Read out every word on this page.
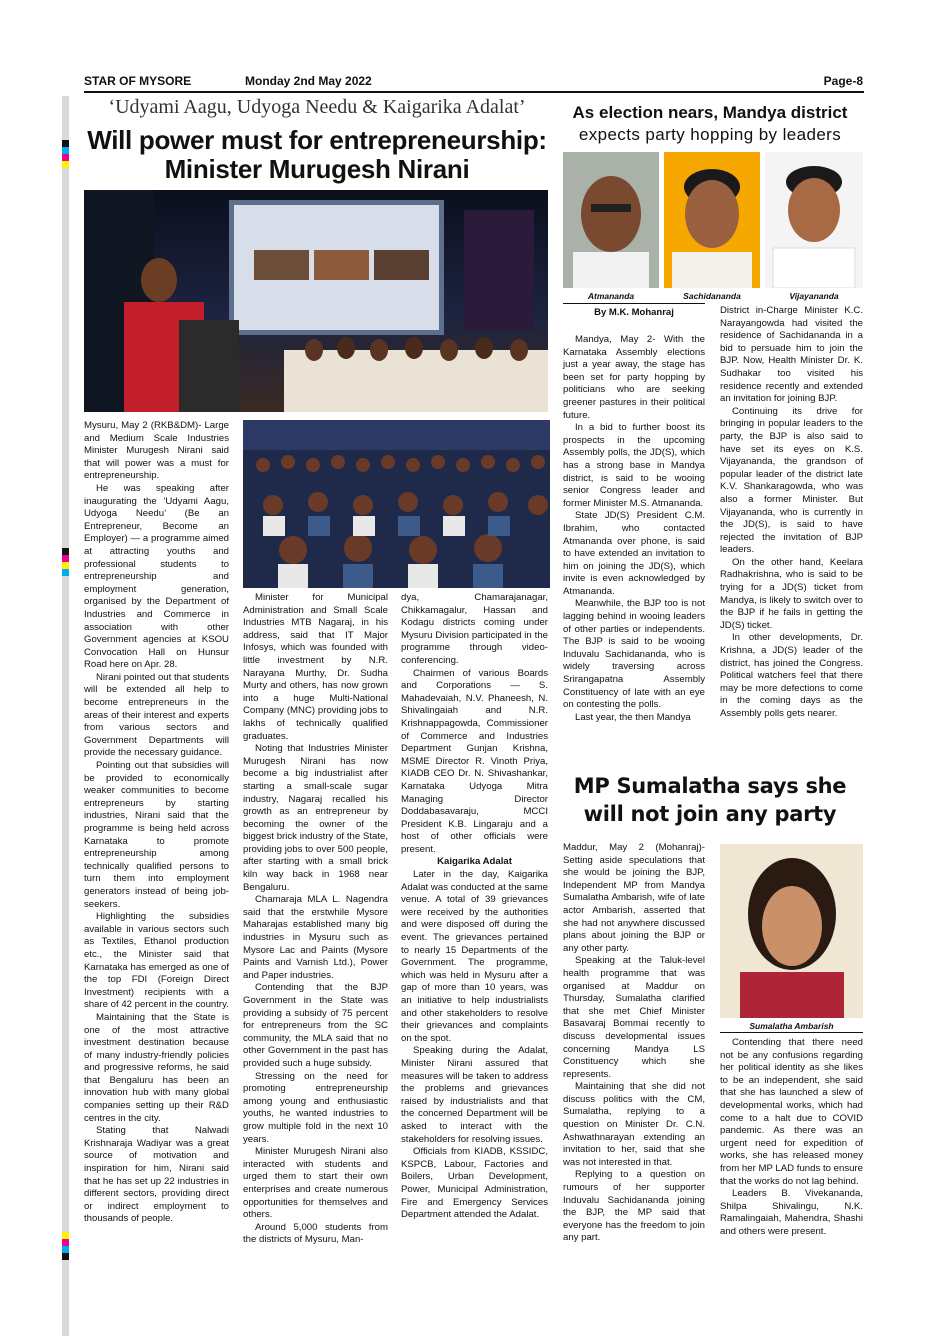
STAR OF MYSORE	Monday 2nd May 2022	Page-8
‘Udyami Aagu, Udyoga Needu & Kaigarika Adalat’
Will power must for entrepreneurship:
Minister Murugesh Nirani

Mysuru, May 2 (RKB&DM)- Large and Medium Scale Industries Minister Murugesh Nirani said that will power was a must for entrepreneurship.

He was speaking after inaugurating the ‘Udyami Aagu, Udyoga Needu’ (Be an Entrepreneur, Become an Employer) — a programme aimed at attracting youths and professional students to entrepreneurship and employment generation, organised by the Department of Industries and Commerce in association with other Government agencies at KSOU Convocation Hall on Hunsur Road here on Apr. 28.

Nirani pointed out that students will be extended all help to become entrepreneurs in the areas of their interest and experts from various sectors and Government Departments will provide the necessary guidance.

Pointing out that subsidies will be provided to economically weaker communities to become entrepreneurs by starting industries, Nirani said that the programme is being held across Karnataka to promote entrepreneurship among technically qualified persons to turn them into employment generators instead of being job-seekers.

Highlighting the subsidies available in various sectors such as Textiles, Ethanol production etc., the Minister said that Karnataka has emerged as one of the top FDI (Foreign Direct Investment) recipients with a share of 42 percent in the country.

Maintaining that the State is one of the most attractive investment destination because of many industry-friendly policies and progressive reforms, he said that Bengaluru has been an innovation hub with many global companies setting up their R&D centres in the city.

Stating that Nalwadi Krishnaraja Wadiyar was a great source of motivation and inspiration for him, Nirani said that he has set up 22 industries in different sectors, providing direct or indirect employment to thousands of people.

Minister for Municipal Administration and Small Scale Industries MTB Nagaraj, in his address, said that IT Major Infosys, which was founded with little investment by N.R. Narayana Murthy, Dr. Sudha Murty and others, has now grown into a huge Multi-National Company (MNC) providing jobs to lakhs of technically qualified graduates.

Noting that Industries Minister Murugesh Nirani has now become a big industrialist after starting a small-scale sugar industry, Nagaraj recalled his growth as an entrepreneur by becoming the owner of the biggest brick industry of the State, providing jobs to over 500 people, after starting with a small brick kiln way back in 1968 near Bengaluru.

Chamaraja MLA L. Nagendra said that the erstwhile Mysore Maharajas established many big industries in Mysuru such as Mysore Lac and Paints (Mysore Paints and Varnish Ltd.), Power and Paper industries.

Contending that the BJP Government in the State was providing a subsidy of 75 percent for entrepreneurs from the SC community, the MLA said that no other Government in the past has provided such a huge subsidy.

Stressing on the need for promoting entrepreneurship among young and enthusiastic youths, he wanted industries to grow multiple fold in the next 10 years.

Minister Murugesh Nirani also interacted with students and urged them to start their own enterprises and create numerous opportunities for themselves and others.

Around 5,000 students from the districts of Mysuru, Man-

dya, Chamarajanagar, Chikkamagalur, Hassan and Kodagu districts coming under Mysuru Division participated in the programme through video-conferencing.

Chairmen of various Boards and Corporations — S. Mahadevaiah, N.V. Phaneesh, N. Shivalingaiah and N.R. Krishnappagowda, Commissioner of Commerce and Industries Department Gunjan Krishna, MSME Director R. Vinoth Priya, KIADB CEO Dr. N. Shivashankar, Karnataka Udyoga Mitra Managing Director Doddabasavaraju, MCCI President K.B. Lingaraju and a host of other officials were present.

Kaigarika Adalat

Later in the day, Kaigarika Adalat was conducted at the same venue. A total of 39 grievances were received by the authorities and were disposed off during the event. The grievances pertained to nearly 15 Departments of the Government. The programme, which was held in Mysuru after a gap of more than 10 years, was an initiative to help industrialists and other stakeholders to resolve their grievances and complaints on the spot.

Speaking during the Adalat, Minister Nirani assured that measures will be taken to address the problems and grievances raised by industrialists and that the concerned Department will be asked to interact with the stakeholders for resolving issues.

Officials from KIADB, KSSIDC, KSPCB, Labour, Factories and Boilers, Urban Development, Power, Municipal Administration, Fire and Emergency Services Department attended the Adalat.

As election nears, Mandya district
expects party hopping by leaders
Atmananda	Sachidananda	Vijayananda
By M.K. Mohanraj

Mandya, May 2- With the Karnataka Assembly elections just a year away, the stage has been set for party hopping by politicians who are seeking greener pastures in their political future.

In a bid to further boost its prospects in the upcoming Assembly polls, the JD(S), which has a strong base in Mandya district, is said to be wooing senior Congress leader and former Minister M.S. Atmananda.

State JD(S) President C.M. Ibrahim, who contacted Atmananda over phone, is said to have extended an invitation to him on joining the JD(S), which invite is even acknowledged by Atmananda.

Meanwhile, the BJP too is not lagging behind in wooing leaders of other parties or independents. The BJP is said to be wooing Induvalu Sachidananda, who is widely traversing across Srirangapatna Assembly Constituency of late with an eye on contesting the polls.

Last year, the then Mandya

District in-Charge Minister K.C. Narayangowda had visited the residence of Sachidananda in a bid to persuade him to join the BJP. Now, Health Minister Dr. K. Sudhakar too visited his residence recently and extended an invitation for joining BJP.

Continuing its drive for bringing in popular leaders to the party, the BJP is also said to have set its eyes on K.S. Vijayananda, the grandson of popular leader of the district late K.V. Shankaragowda, who was also a former Minister. But Vijayananda, who is currently in the JD(S), is said to have rejected the invitation of BJP leaders.

On the other hand, Keelara Radhakrishna, who is said to be trying for a JD(S) ticket from Mandya, is likely to switch over to the BJP if he fails in getting the JD(S) ticket.

In other developments, Dr. Krishna, a JD(S) leader of the district, has joined the Congress. Political watchers feel that there may be more defections to come in the coming days as the Assembly polls gets nearer.

MP Sumalatha says she
will not join any party
Sumalatha Ambarish

Maddur, May 2 (Mohanraj)- Setting aside speculations that she would be joining the BJP, Independent MP from Mandya Sumalatha Ambarish, wife of late actor Ambarish, asserted that she had not anywhere discussed plans about joining the BJP or any other party.

Speaking at the Taluk-level health programme that was organised at Maddur on Thursday, Sumalatha clarified that she met Chief Minister Basavaraj Bommai recently to discuss developmental issues concerning Mandya LS Constituency which she represents.

Maintaining that she did not discuss politics with the CM, Sumalatha, replying to a question on Minister Dr. C.N. Ashwathnarayan extending an invitation to her, said that she was not interested in that.

Replying to a question on rumours of her supporter Induvalu Sachidananda joining the BJP, the MP said that everyone has the freedom to join any part.

Contending that there need not be any confusions regarding her political identity as she likes to be an independent, she said that she has launched a slew of developmental works, which had come to a halt due to COVID pandemic. As there was an urgent need for expedition of works, she has released money from her MP LAD funds to ensure that the works do not lag behind.

Leaders B. Vivekananda, Shilpa Shivalingu, N.K. Ramalingaiah, Mahendra, Shashi and others were present.
